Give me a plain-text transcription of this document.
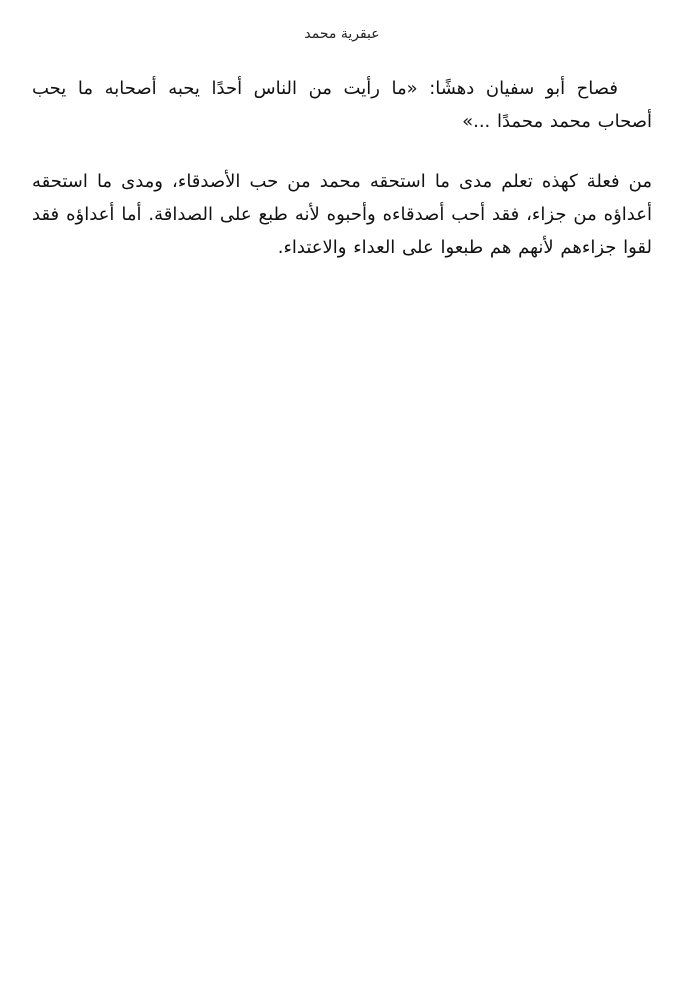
عبقرية محمد

فصاح أبو سفيان دهشًا: «ما رأيت من الناس أحدًا يحبه أصحابه ما يحب أصحاب محمد محمدًا ...»

من فعلة كهذه تعلم مدى ما استحقه محمد من حب الأصدقاء، ومدى ما استحقه أعداؤه من جزاء، فقد أحب أصدقاءه وأحبوه لأنه طبع على الصداقة. أما أعداؤه فقد لقوا جزاءهم لأنهم هم طبعوا على العداء والاعتداء.
